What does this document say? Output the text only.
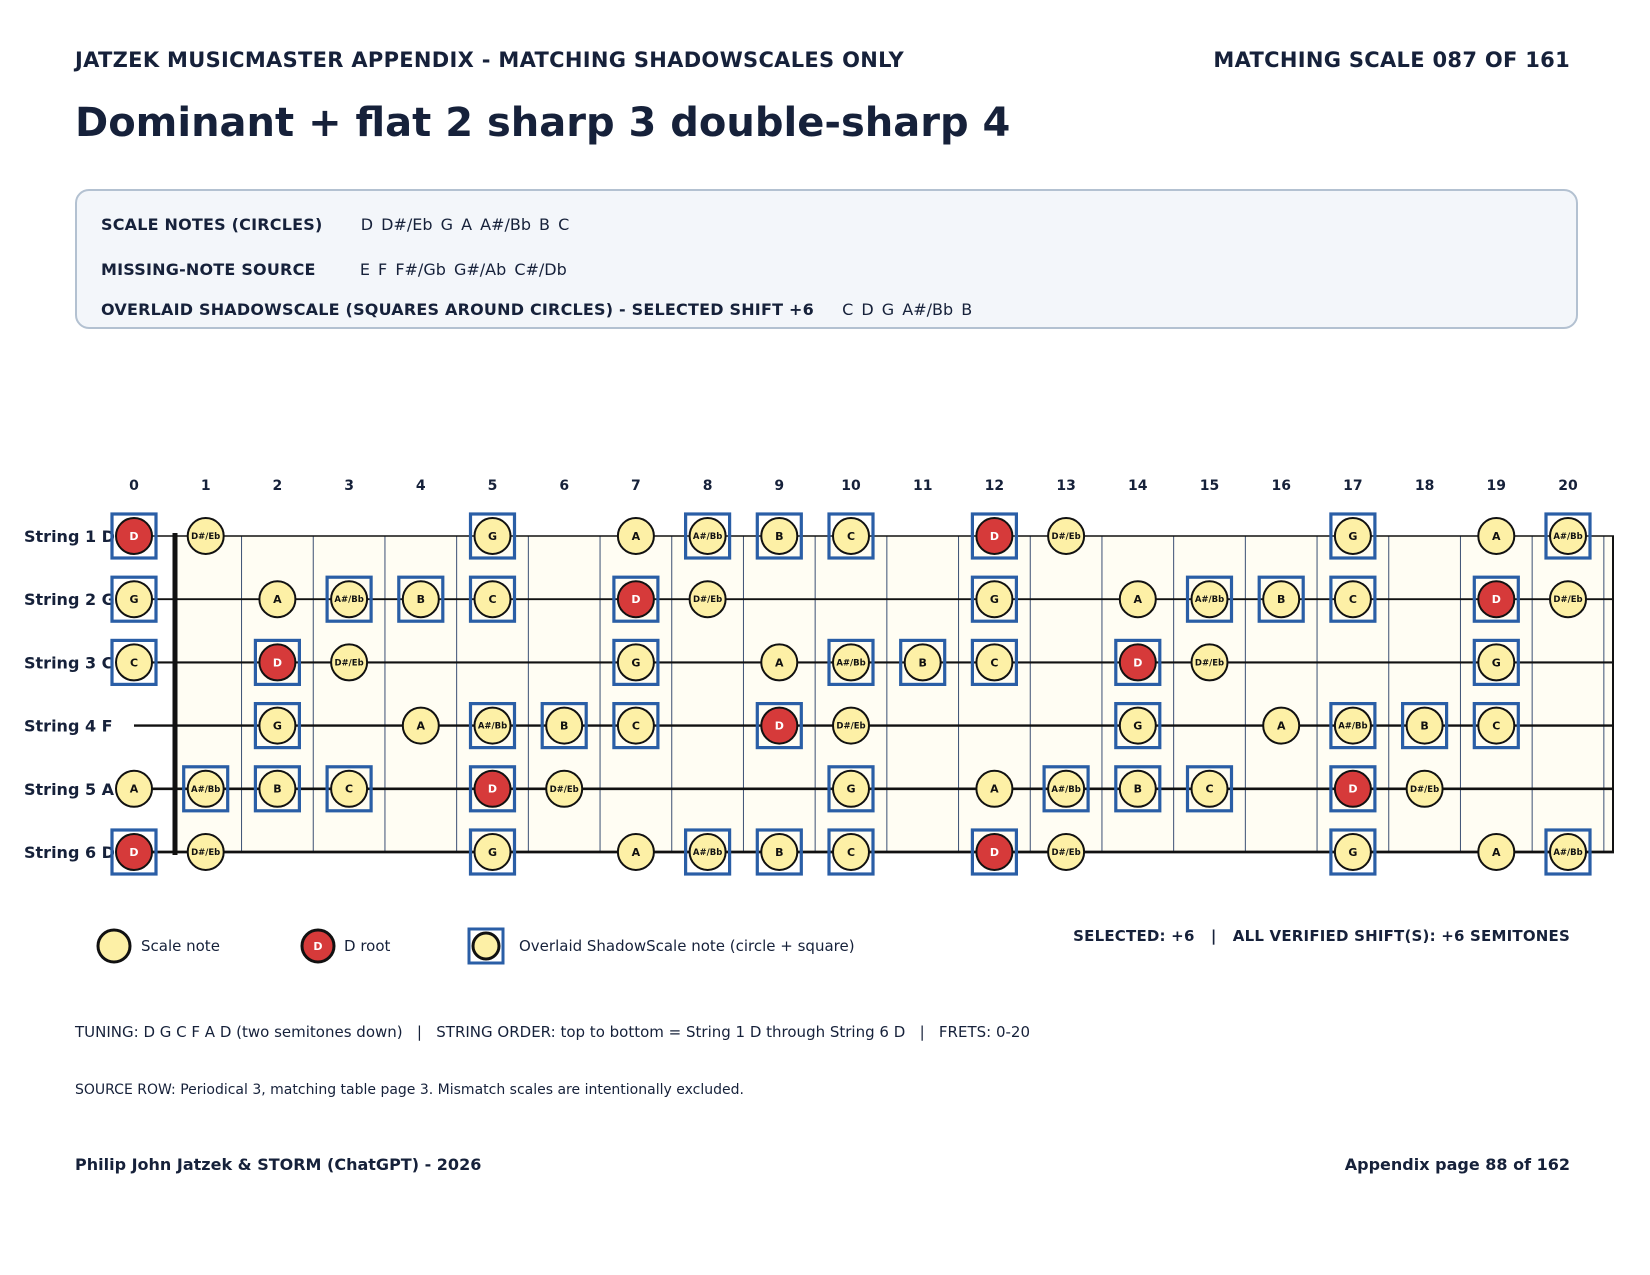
JATZEK MUSICMASTER APPENDIX - MATCHING SHADOWSCALES ONLY	MATCHING SCALE 087 OF 161
Dominant + flat 2 sharp 3 double-sharp 4
SCALE NOTES (CIRCLES) D D#/Eb G A A#/Bb B C
MISSING-NOTE SOURCE	E F F#/Gb G#/Ab C#/Db
OVERLAID SHADOWSCALE (SQUARES AROUND CIRCLES) - SELECTED SHIFT +6 C D G A#/Bb B
0	1	2	3	4	5	6	7	8	9	10	11	12	13	14	15	16	17	18	19	20
String 1 D
String 2 G
String 3 C
String 4 F
String 5 A
String 6 D
D	D#/Eb	G	A	A#/Bb	B	C	D	D#/Eb	G	A	A#/Bb
G	A	A#/Bb	B	C	D	D#/Eb	G	A	A#/Bb	B	C	D	D#/Eb
C	D	D#/Eb	G	A	A#/Bb	B	C	D	D#/Eb	G
G	A	A#/Bb	B	C	D	D#/Eb	G	A	A#/Bb	B	C
A	A#/Bb	B	C	D	D#/Eb	G	A	A#/Bb	B	C	D	D#/Eb
D	D#/Eb	G	A	A#/Bb	B	C	D	D#/Eb	G	A	A#/Bb
Scale note	D D root	Overlaid ShadowScale note (circle + square)
SELECTED: +6   |   ALL VERIFIED SHIFT(S): +6 SEMITONES
TUNING: D G C F A D (two semitones down)   |   STRING ORDER: top to bottom = String 1 D through String 6 D   |   FRETS: 0-20
SOURCE ROW: Periodical 3, matching table page 3. Mismatch scales are intentionally excluded.
Philip John Jatzek & STORM (ChatGPT) - 2026	Appendix page 88 of 162
